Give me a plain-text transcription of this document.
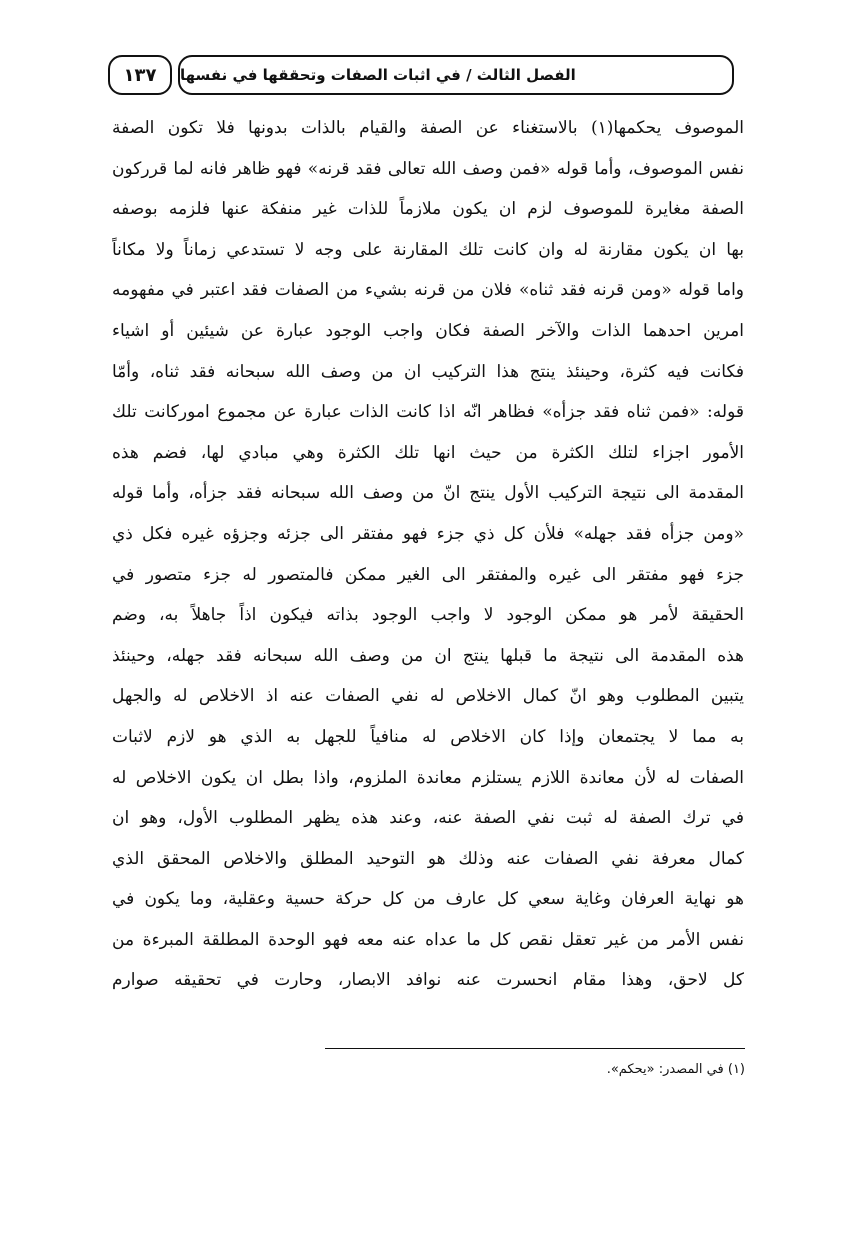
١٣٧ الفصل الثالث / في اثبات الصفات وتحققها في نفسها
الموصوف يحكمها(١) بالاستغناء عن الصفة والقيام بالذات بدونها فلا تكون الصفة
نفس الموصوف، وأما قوله «فمن وصف الله تعالى فقد قرنه» فهو ظاهر فانه لما قرركون
الصفة مغايرة للموصوف لزم ان يكون ملازماً للذات غير منفكة عنها فلزمه بوصفه
بها ان يكون مقارنة له وان كانت تلك المقارنة على وجه لا تستدعي زماناً ولا مكاناً
واما قوله «ومن قرنه فقد ثناه» فلان من قرنه بشيء من الصفات فقد اعتبر في مفهومه
امرين احدهما الذات والآخر الصفة فكان واجب الوجود عبارة عن شيئين أو اشياء
فكانت فيه كثرة، وحينئذ ينتج هذا التركيب ان من وصف الله سبحانه فقد ثناه، وأمّا
قوله: «فمن ثناه فقد جزأه» فظاهر انّه اذا كانت الذات عبارة عن مجموع اموركانت تلك
الأمور اجزاء لتلك الكثرة من حيث انها تلك الكثرة وهي مبادي لها، فضم هذه
المقدمة الى نتيجة التركيب الأول ينتج انّ من وصف الله سبحانه فقد جزأه، وأما قوله
«ومن جزأه فقد جهله» فلأن كل ذي جزء فهو مفتقر الى جزئه وجزؤه غيره فكل ذي
جزء فهو مفتقر الى غيره والمفتقر الى الغير ممكن فالمتصور له جزء متصور في
الحقيقة لأمر هو ممكن الوجود لا واجب الوجود بذاته فيكون اذاً جاهلاً به، وضم
هذه المقدمة الى نتيجة ما قبلها ينتج ان من وصف الله سبحانه فقد جهله، وحينئذ
يتبين المطلوب وهو انّ كمال الاخلاص له نفي الصفات عنه اذ الاخلاص له والجهل
به مما لا يجتمعان وإذا كان الاخلاص له منافياً للجهل به الذي هو لازم لاثبات
الصفات له لأن معاندة اللازم يستلزم معاندة الملزوم، واذا بطل ان يكون الاخلاص له
في ترك الصفة له ثبت نفي الصفة عنه، وعند هذه يظهر المطلوب الأول، وهو ان
كمال معرفة نفي الصفات عنه وذلك هو التوحيد المطلق والاخلاص المحقق الذي
هو نهاية العرفان وغاية سعي كل عارف من كل حركة حسية وعقلية، وما يكون في
نفس الأمر من غير تعقل نقص كل ما عداه عنه معه فهو الوحدة المطلقة المبرءة من
كل لاحق، وهذا مقام انحسرت عنه نوافد الابصار، وحارت في تحقيقه صوارم
(١) في المصدر: «يحكم».
